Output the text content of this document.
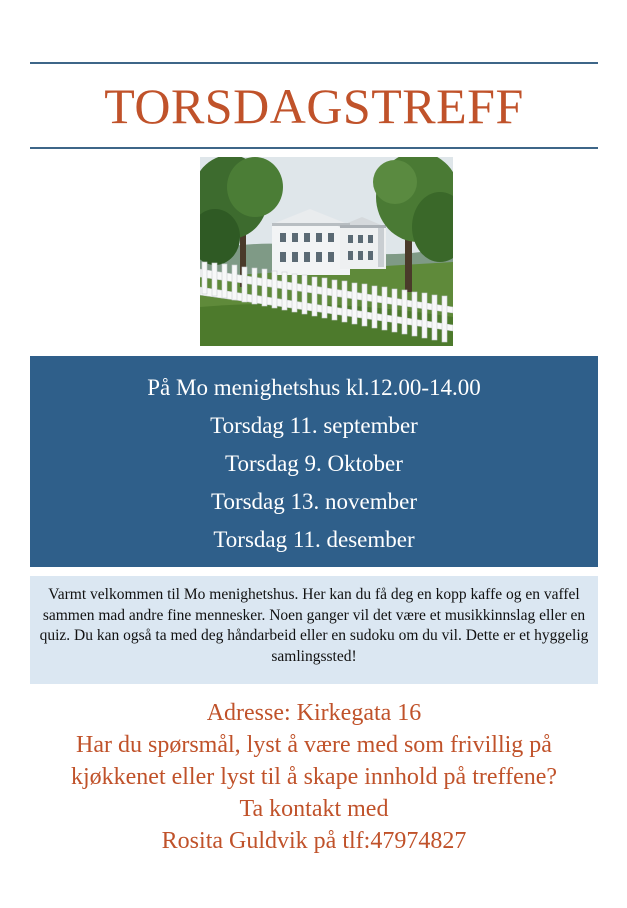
TORSDAGSTREFF
På Mo menighetshus kl.12.00-14.00
Torsdag 11. september
Torsdag 9. Oktober
Torsdag 13. november
Torsdag 11. desember
Varmt velkommen til Mo menighetshus. Her kan du få deg en kopp kaffe og en vaffel sammen mad andre fine mennesker. Noen ganger vil det være et musikkinnslag eller en quiz. Du kan også ta med deg håndarbeid eller en sudoku om du vil. Dette er et hyggelig samlingssted!
Adresse: Kirkegata 16
Har du spørsmål, lyst å være med som frivillig på
kjøkkenet eller lyst til å skape innhold på treffene?
Ta kontakt med
Rosita Guldvik på tlf:47974827
